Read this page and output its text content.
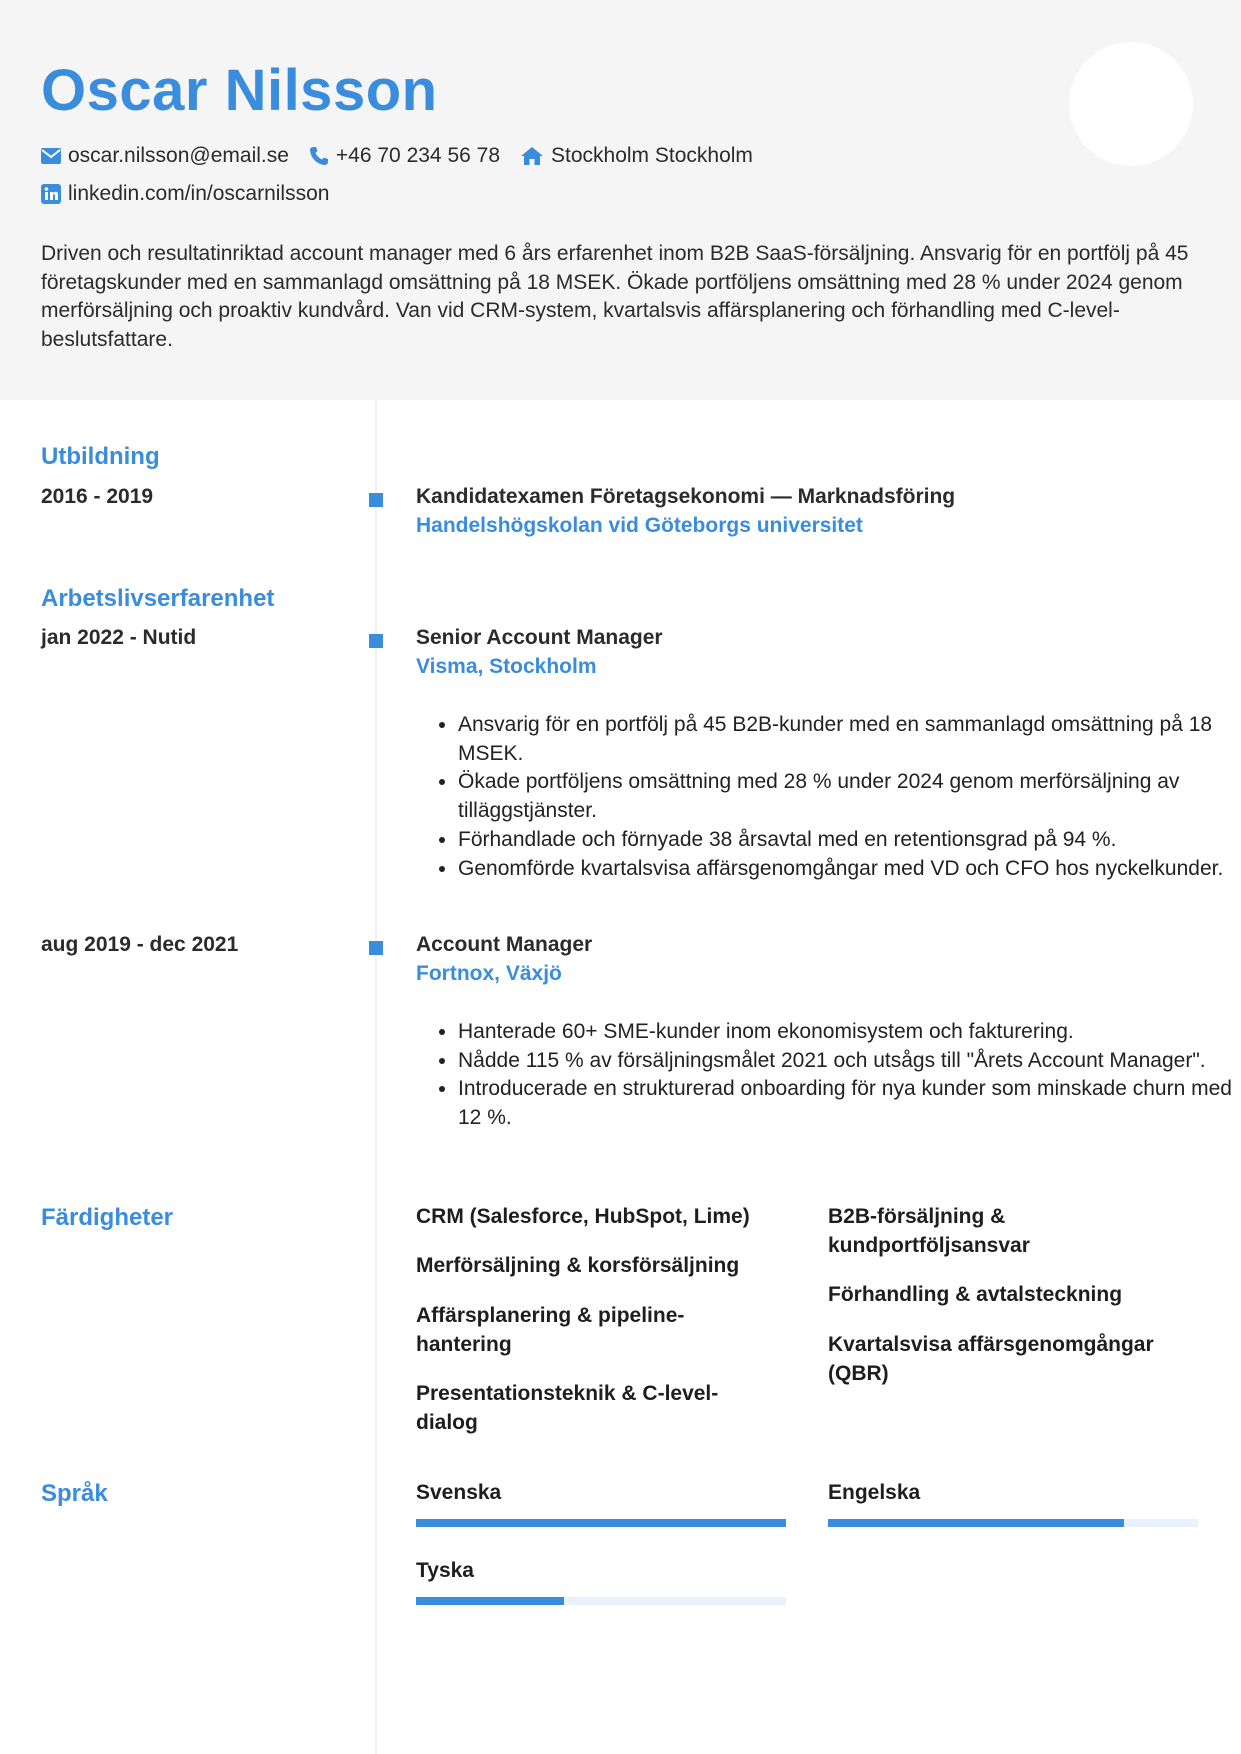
Oscar Nilsson
oscar.nilsson@email.se +46 70 234 56 78 Stockholm Stockholm
linkedin.com/in/oscarnilsson

Driven och resultatinriktad account manager med 6 års erfarenhet inom B2B SaaS-försäljning. Ansvarig för en portfölj på 45 företagskunder med en sammanlagd omsättning på 18 MSEK. Ökade portföljens omsättning med 28 % under 2024 genom merförsäljning och proaktiv kundvård. Van vid CRM-system, kvartalsvis affärsplanering och förhandling med C-level-beslutsfattare.

Utbildning
2016 - 2019	Kandidatexamen Företagsekonomi — Marknadsföring
Handelshögskolan vid Göteborgs universitet
Arbetslivserfarenhet
jan 2022 - Nutid	Senior Account Manager
Visma, Stockholm
• Ansvarig för en portfölj på 45 B2B-kunder med en sammanlagd omsättning på 18 MSEK.
• Ökade portföljens omsättning med 28 % under 2024 genom merförsäljning av tilläggstjänster.
• Förhandlade och förnyade 38 årsavtal med en retentionsgrad på 94 %.
• Genomförde kvartalsvisa affärsgenomgångar med VD och CFO hos nyckelkunder.
aug 2019 - dec 2021	Account Manager
Fortnox, Växjö
• Hanterade 60+ SME-kunder inom ekonomisystem och fakturering.
• Nådde 115 % av försäljningsmålet 2021 och utsågs till "Årets Account Manager".
• Introducerade en strukturerad onboarding för nya kunder som minskade churn med 12 %.
Färdigheter	CRM (Salesforce, HubSpot, Lime)
Merförsäljning & korsförsäljning
Affärsplanering & pipeline-hantering
Presentationsteknik & C-level-dialog
B2B-försäljning & kundportföljsansvar
Förhandling & avtalsteckning
Kvartalsvisa affärsgenomgångar (QBR)
Språk	Svenska	Engelska
Tyska
